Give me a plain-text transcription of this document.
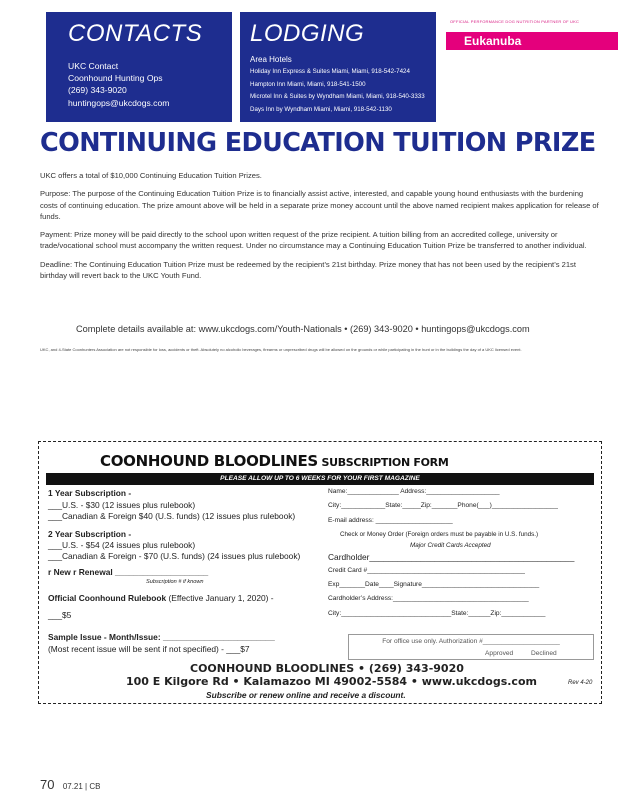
CONTACTS
UKC Contact
Coonhound Hunting Ops
(269) 343-9020
huntingops@ukcdogs.com
LODGING
Area Hotels
Holiday Inn Express & Suites Miami, Miami, 918-542-7424
Hampton Inn Miami, Miami, 918-541-1500
Microtel Inn & Suites by Wyndham Miami, Miami, 918-540-3333
Days Inn by Wyndham Miami, Miami, 918-542-1130
OFFICIAL PERFORMANCE DOG NUTRITION PARTNER OF UKC
Eukanuba
CONTINUING EDUCATION TUITION PRIZE

UKC offers a total of $10,000 Continuing Education Tuition Prizes.

Purpose: The purpose of the Continuing Education Tuition Prize is to financially assist active, interested, and capable young hound enthusiasts with the burdening costs of continuing education. The prize amount above will be held in a separate prize money account until the above named recipient makes application for release of funds.

Payment: Prize money will be paid directly to the school upon written request of the prize recipient. A tuition billing from an accredited college, university or trade/vocational school must accompany the written request. Under no circumstance may a Continuing Education Tuition Prize be transferred to another individual.

Deadline: The Continuing Education Tuition Prize must be redeemed by the recipient’s 21st birthday. Prize money that has not been used by the recipient’s 21st birthday will revert back to the UKC Youth Fund.

Complete details available at: www.ukcdogs.com/Youth-Nationals • (269) 343-9020 • huntingops@ukcdogs.com
UKC, and 4-State Coonhunters Association are not responsible for loss, accidents or theft. Absolutely no alcoholic beverages, firearms or unprescribed drugs will be allowed on the grounds or while participating in the hunt or in the buildings the day of a UKC licensed event.
COONHOUND BLOODLINES SUBSCRIPTION FORM
PLEASE ALLOW UP TO 6 WEEKS FOR YOUR FIRST MAGAZINE
1 Year Subscription -
___U.S. - $30 (12 issues plus rulebook)
___Canadian & Foreign $40 (U.S. funds) (12 issues plus rulebook)
2 Year Subscription -
___U.S. - $54 (24 issues plus rulebook)
___Canadian & Foreign - $70 (U.S. funds) (24 issues plus rulebook)
r New r Renewal ____________________
Subscription # if known
Official Coonhound Rulebook (Effective January 1, 2020) -
___$5
Sample Issue - Month/Issue: ________________________
(Most recent issue will be sent if not specified) - ___$7
Name:______________ Address:____________________
City:____________State:_____Zip:_______Phone(___)__________________
E-mail address: _____________________
Check or Money Order (Foreign orders must be payable in U.S. funds.)
Major Credit Cards Accepted
Cardholder____________________________________________
Credit Card #___________________________________________
Exp_______Date____Signature________________________________
Cardholder’s Address:_____________________________________
City:______________________________State:______Zip:____________
For office use only. Authorization #_____________________
Approved	Declined
COONHOUND BLOODLINES • (269) 343-9020
100 E Kilgore Rd • Kalamazoo MI 49002-5584 • www.ukcdogs.com
Subscribe or renew online and receive a discount.
Rev 4-20
70 07.21 | CB
